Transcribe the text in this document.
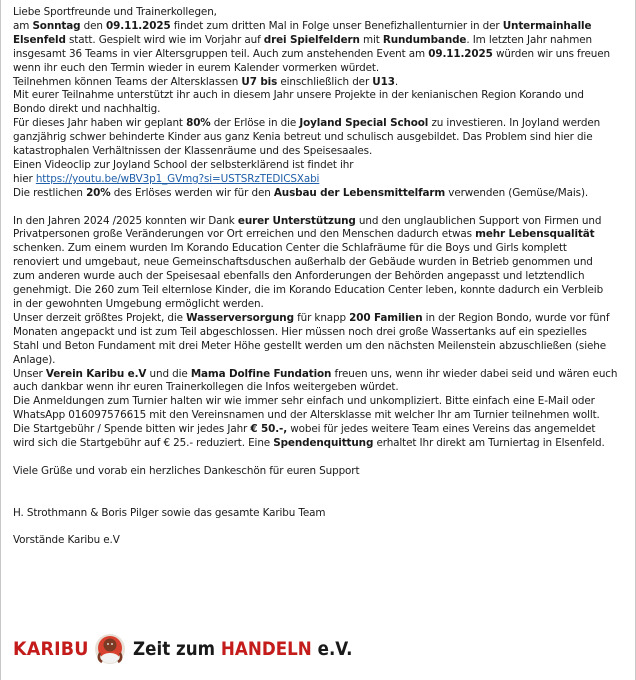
Liebe Sportfreunde und Trainerkollegen,

am Sonntag den 09.11.2025 findet zum dritten Mal in Folge unser Benefizhallenturnier in der Untermainhalle
Elsenfeld statt. Gespielt wird wie im Vorjahr auf drei Spielfeldern mit Rundumbande. Im letzten Jahr nahmen
insgesamt 36 Teams in vier Altersgruppen teil. Auch zum anstehenden Event am 09.11.2025 würden wir uns freuen
wenn ihr euch den Termin wieder in eurem Kalender vormerken würdet.

Teilnehmen können Teams der Altersklassen U7 bis einschließlich der U13.

Mit eurer Teilnahme unterstützt ihr auch in diesem Jahr unsere Projekte in der kenianischen Region Korando und
Bondo direkt und nachhaltig.

Für dieses Jahr haben wir geplant 80% der Erlöse in die Joyland Special School zu investieren. In Joyland werden
ganzjährig schwer behinderte Kinder aus ganz Kenia betreut und schulisch ausgebildet. Das Problem sind hier die
katastrophalen Verhältnissen der Klassenräume und des Speisesaales.

Einen Videoclip zur Joyland School der selbsterklärend ist findet ihr
hier https://youtu.be/wBV3p1_GVmg?si=USTSRzTEDICSXabi

Die restlichen 20% des Erlöses werden wir für den Ausbau der Lebensmittelfarm verwenden (Gemüse/Mais).

In den Jahren 2024 /2025 konnten wir Dank eurer Unterstützung und den unglaublichen Support von Firmen und
Privatpersonen große Veränderungen vor Ort erreichen und den Menschen dadurch etwas mehr Lebensqualität
schenken. Zum einem wurden Im Korando Education Center die Schlafräume für die Boys und Girls komplett
renoviert und umgebaut, neue Gemeinschaftsduschen außerhalb der Gebäude wurden in Betrieb genommen und
zum anderen wurde auch der Speisesaal ebenfalls den Anforderungen der Behörden angepasst und letztendlich
genehmigt. Die 260 zum Teil elternlose Kinder, die im Korando Education Center leben, konnte dadurch ein Verbleib
in der gewohnten Umgebung ermöglicht werden.

Unser derzeit größtes Projekt, die Wasserversorgung für knapp 200 Familien in der Region Bondo, wurde vor fünf
Monaten angepackt und ist zum Teil abgeschlossen. Hier müssen noch drei große Wassertanks auf ein spezielles
Stahl und Beton Fundament mit drei Meter Höhe gestellt werden um den nächsten Meilenstein abzuschließen (siehe
Anlage).

Unser Verein Karibu e.V und die Mama Dolfine Fundation freuen uns, wenn ihr wieder dabei seid und wären euch
auch dankbar wenn ihr euren Trainerkollegen die Infos weitergeben würdet.

Die Anmeldungen zum Turnier halten wir wie immer sehr einfach und unkompliziert. Bitte einfach eine E-Mail oder
WhatsApp 016097576615 mit den Vereinsnamen und der Altersklasse mit welcher Ihr am Turnier teilnehmen wollt.

Die Startgebühr / Spende bitten wir jedes Jahr € 50.-, wobei für jedes weitere Team eines Vereins das angemeldet
wird sich die Startgebühr auf € 25.- reduziert. Eine Spendenquittung erhaltet Ihr direkt am Turniertag in Elsenfeld.

Viele Grüße und vorab ein herzliches Dankeschön für euren Support

H. Strothmann & Boris Pilger sowie das gesamte Karibu Team

Vorstände Karibu e.V

KARIBU Zeit zum HANDELN e.V.
